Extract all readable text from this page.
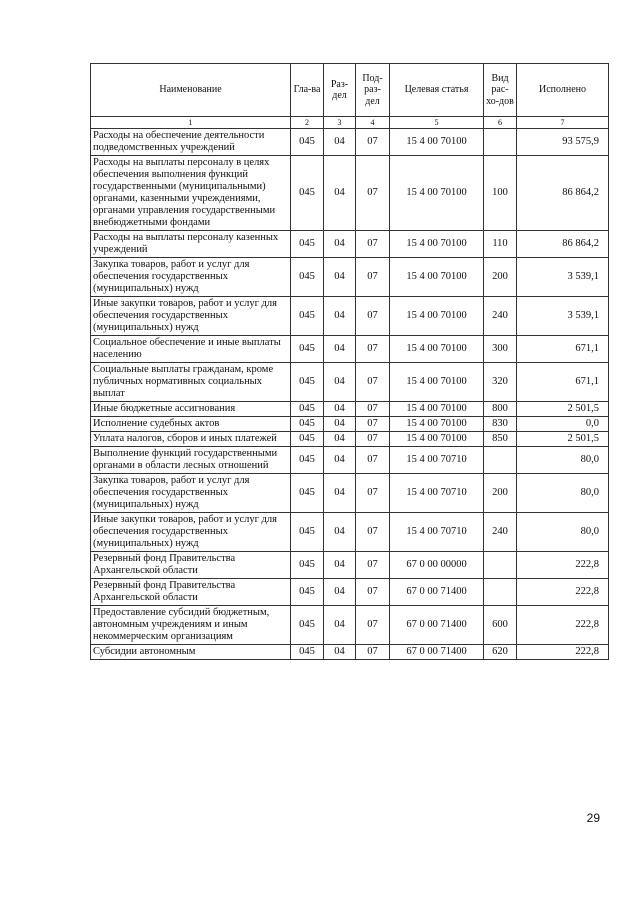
Наименование	Гла-ва	Раз-дел	Под-раз-дел	Целевая статья	Вид рас-хо-дов	Исполнено
1	2	3	4	5	6	7
Расходы на обеспечение деятельности подведомственных учреждений	045	04	07	15 4 00 70100		93 575,9
Расходы на выплаты персоналу в целях обеспечения выполнения функций государственными (муниципальными) органами, казенными учреждениями, органами управления государственными внебюджетными фондами	045	04	07	15 4 00 70100	100	86 864,2
Расходы на выплаты персоналу казенных учреждений	045	04	07	15 4 00 70100	110	86 864,2
Закупка товаров, работ и услуг для обеспечения государственных (муниципальных) нужд	045	04	07	15 4 00 70100	200	3 539,1
Иные закупки товаров, работ и услуг для обеспечения государственных (муниципальных) нужд	045	04	07	15 4 00 70100	240	3 539,1
Социальное обеспечение и иные выплаты населению	045	04	07	15 4 00 70100	300	671,1
Социальные выплаты гражданам, кроме публичных нормативных социальных выплат	045	04	07	15 4 00 70100	320	671,1
Иные бюджетные ассигнования	045	04	07	15 4 00 70100	800	2 501,5
Исполнение судебных актов	045	04	07	15 4 00 70100	830	0,0
Уплата налогов, сборов и иных платежей	045	04	07	15 4 00 70100	850	2 501,5
Выполнение функций государственными органами в области лесных отношений	045	04	07	15 4 00 70710		80,0
Закупка товаров, работ и услуг для обеспечения государственных (муниципальных) нужд	045	04	07	15 4 00 70710	200	80,0
Иные закупки товаров, работ и услуг для обеспечения государственных (муниципальных) нужд	045	04	07	15 4 00 70710	240	80,0
Резервный фонд Правительства Архангельской области	045	04	07	67 0 00 00000		222,8
Резервный фонд Правительства Архангельской области	045	04	07	67 0 00 71400		222,8
Предоставление субсидий бюджетным, автономным учреждениям и иным некоммерческим организациям	045	04	07	67 0 00 71400	600	222,8
Субсидии автономным	045	04	07	67 0 00 71400	620	222,8
29
